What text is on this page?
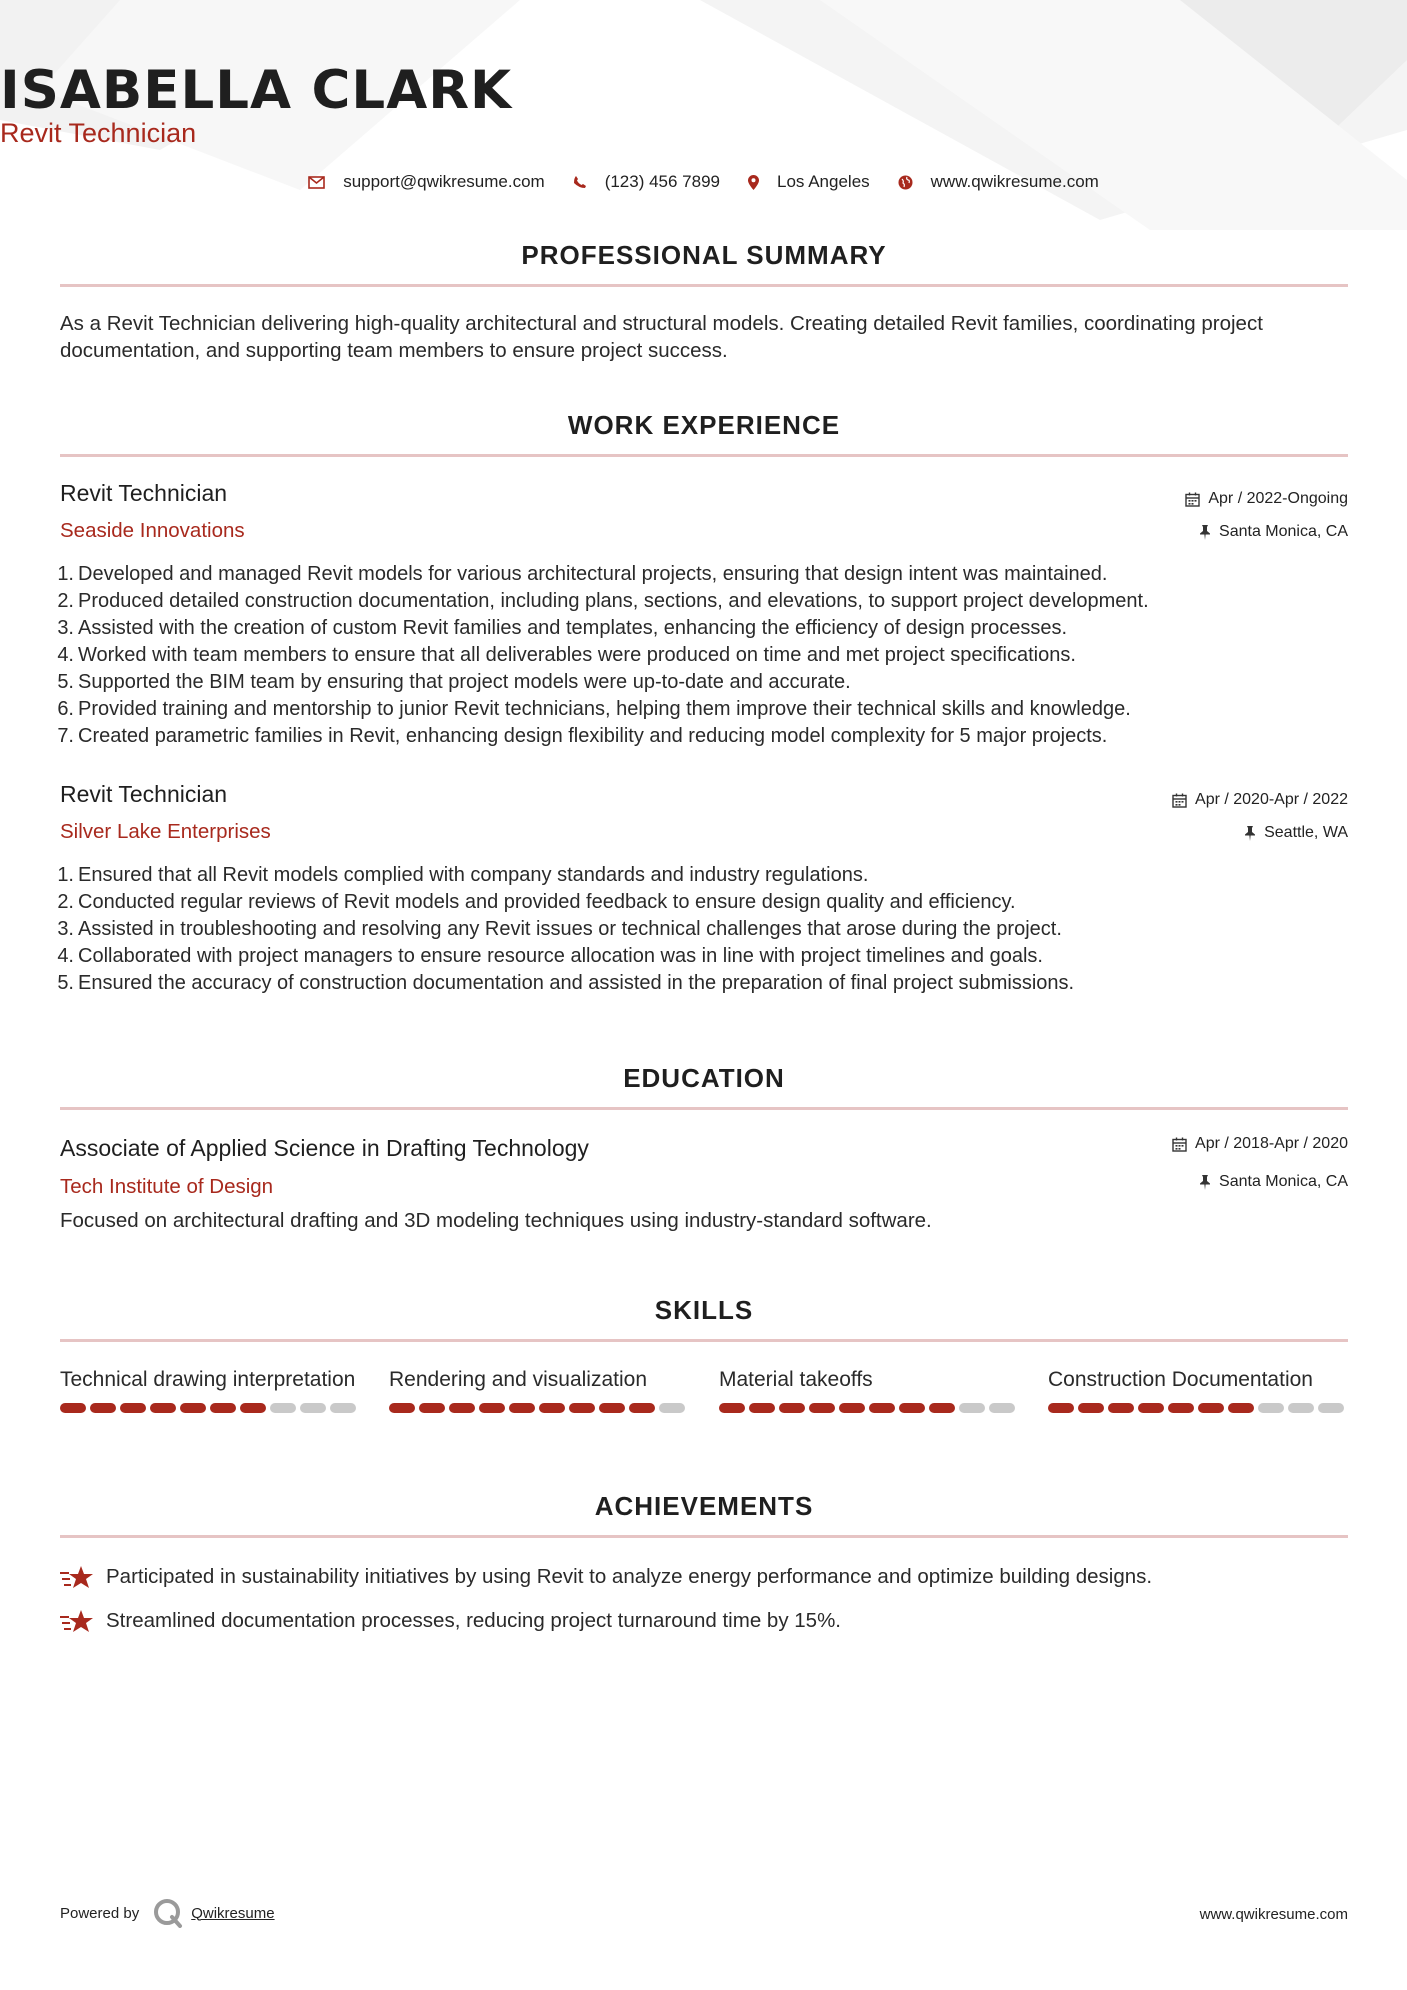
ISABELLA CLARK
Revit Technician
support@qwikresume.com	(123) 456 7899	Los Angeles	www.qwikresume.com
PROFESSIONAL SUMMARY
As a Revit Technician delivering high-quality architectural and structural models. Creating detailed Revit families, coordinating project documentation, and supporting team members to ensure project success.
WORK EXPERIENCE
Revit Technician
Seaside Innovations
Apr / 2022-Ongoing
Santa Monica, CA
1. Developed and managed Revit models for various architectural projects, ensuring that design intent was maintained.
2. Produced detailed construction documentation, including plans, sections, and elevations, to support project development.
3. Assisted with the creation of custom Revit families and templates, enhancing the efficiency of design processes.
4. Worked with team members to ensure that all deliverables were produced on time and met project specifications.
5. Supported the BIM team by ensuring that project models were up-to-date and accurate.
6. Provided training and mentorship to junior Revit technicians, helping them improve their technical skills and knowledge.
7. Created parametric families in Revit, enhancing design flexibility and reducing model complexity for 5 major projects.
Revit Technician
Silver Lake Enterprises
Apr / 2020-Apr / 2022
Seattle, WA
1. Ensured that all Revit models complied with company standards and industry regulations.
2. Conducted regular reviews of Revit models and provided feedback to ensure design quality and efficiency.
3. Assisted in troubleshooting and resolving any Revit issues or technical challenges that arose during the project.
4. Collaborated with project managers to ensure resource allocation was in line with project timelines and goals.
5. Ensured the accuracy of construction documentation and assisted in the preparation of final project submissions.
EDUCATION
Associate of Applied Science in Drafting Technology
Tech Institute of Design
Apr / 2018-Apr / 2020
Santa Monica, CA
Focused on architectural drafting and 3D modeling techniques using industry-standard software.
SKILLS
Technical drawing interpretation Rendering and visualization	Material takeoffs	Construction Documentation
ACHIEVEMENTS
Participated in sustainability initiatives by using Revit to analyze energy performance and optimize building designs.
Streamlined documentation processes, reducing project turnaround time by 15%.
Powered by	Qwikresume	www.qwikresume.com
